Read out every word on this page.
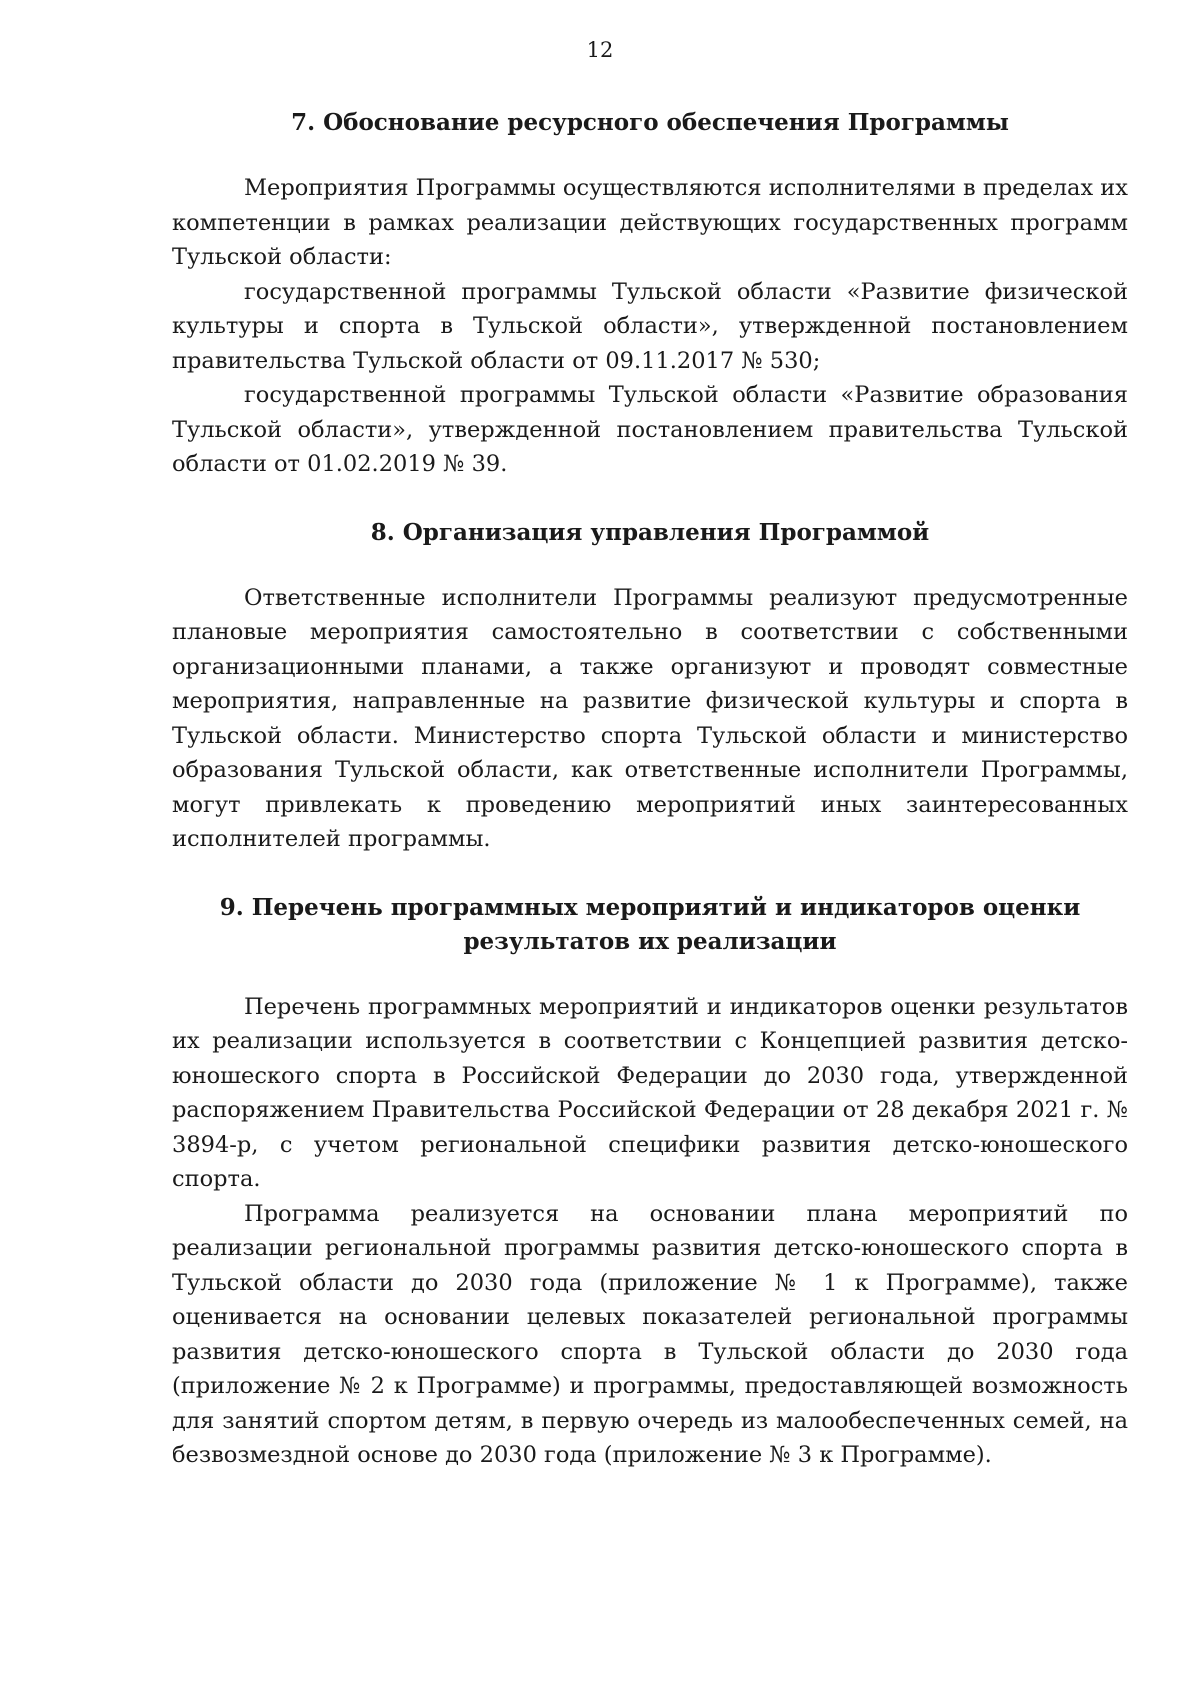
12
7. Обоснование ресурсного обеспечения Программы

Мероприятия Программы осуществляются исполнителями в пределах их компетенции в рамках реализации действующих государственных программ Тульской области:

государственной программы Тульской области «Развитие физической культуры и спорта в Тульской области», утвержденной постановлением правительства Тульской области от 09.11.2017 № 530;

государственной программы Тульской области «Развитие образования Тульской области», утвержденной постановлением правительства Тульской области от 01.02.2019 № 39.

8. Организация управления Программой

Ответственные исполнители Программы реализуют предусмотренные плановые мероприятия самостоятельно в соответствии с собственными организационными планами, а также организуют и проводят совместные мероприятия, направленные на развитие физической культуры и спорта в Тульской области. Министерство спорта Тульской области и министерство образования Тульской области, как ответственные исполнители Программы, могут привлекать к проведению мероприятий иных заинтересованных исполнителей программы.

9. Перечень программных мероприятий и индикаторов оценки
результатов их реализации

Перечень программных мероприятий и индикаторов оценки результатов их реализации используется в соответствии с Концепцией развития детско-юношеского спорта в Российской Федерации до 2030 года, утвержденной распоряжением Правительства Российской Федерации от 28 декабря 2021 г. № 3894-р, с учетом региональной специфики развития детско-юношеского спорта.

Программа реализуется на основании плана мероприятий по реализации региональной программы развития детско-юношеского спорта в Тульской области до 2030 года (приложение № 1 к Программе), также оценивается на основании целевых показателей региональной программы развития детско-юношеского спорта в Тульской области до 2030 года (приложение № 2 к Программе) и программы, предоставляющей возможность для занятий спортом детям, в первую очередь из малообеспеченных семей, на безвозмездной основе до 2030 года (приложение № 3 к Программе).
